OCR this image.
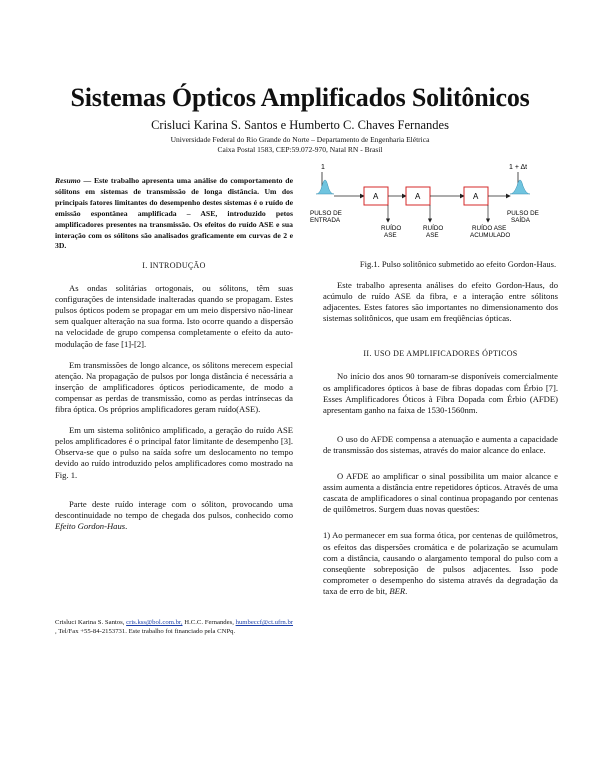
Sistemas Ópticos Amplificados Solitônicos
Crisluci Karina S. Santos e Humberto C. Chaves Fernandes
Universidade Federal do Rio Grande do Norte – Departamento de Engenharia Elétrica
Caixa Postal 1583, CEP:59.072-970, Natal RN - Brasil
Resumo — Este trabalho apresenta uma análise do comportamento de sólitons em sistemas de transmissão de longa distância. Um dos principais fatores limitantes do desempenho destes sistemas é o ruído de emissão espontânea amplificada – ASE, introduzido petos amplificadores presentes na transmissão. Os efeitos do ruído ASE e sua interação com os sólitons são analisados graficamente em curvas de 2 e 3D.
I. INTRODUÇÃO

As ondas solitárias ortogonais, ou sólitons, têm suas configurações de intensidade inalteradas quando se propagam. Estes pulsos ópticos podem se propagar em um meio dispersivo não-linear sem qualquer alteração na sua forma. Isto ocorre quando a dispersão na velocidade de grupo compensa completamente o efeito da auto-modulação de fase [1]-[2].

Em transmissões de longo alcance, os sólitons merecem especial atenção. Na propagação de pulsos por longa distância é necessária a inserção de amplificadores ópticos periodicamente, de modo a compensar as perdas de transmissão, como as perdas intrínsecas da fibra óptica. Os próprios amplificadores geram ruído(ASE).

Em um sistema solitônico amplificado, a geração do ruído ASE pelos amplificadores é o principal fator limitante de desempenho [3]. Observa-se que o pulso na saída sofre um deslocamento no tempo devido ao ruído introduzido pelos amplificadores como mostrado na Fig. 1.

Parte deste ruído interage com o sóliton, provocando uma descontinuidade no tempo de chegada dos pulsos, conhecido como Efeito Gordon-Haus.

Crisluci Karina S. Santos, cris.kss@bol.com.br, H.C.C. Fernandes, humbeccf@ct.ufrn.br , Tel/Fax +55-84-2153731. Este trabalho foi financiado pela CNPq.
1	1 + Δt
A	A	A
PULSO DE
ENTRADA
PULSO DE
SAÍDA
RUÍDO
ASE
RUÍDO
ASE
RUÍDO ASE
ACUMULADO
Fig.1. Pulso solitônico submetido ao efeito Gordon-Haus.

Este trabalho apresenta análises do efeito Gordon-Haus, do acúmulo de ruído ASE da fibra, e a interação entre sólitons adjacentes. Estes fatores são importantes no dimensionamento dos sistemas solitônicos, que usam em freqüências ópticas.

II. USO DE AMPLIFICADORES ÓPTICOS

No início dos anos 90 tornaram-se disponíveis comercialmente os amplificadores ópticos à base de fibras dopadas com Érbio [7]. Esses Amplificadores Óticos à Fibra Dopada com Érbio (AFDE) apresentam ganho na faixa de 1530-1560nm.

O uso do AFDE compensa a atenuação e aumenta a capacidade de transmissão dos sistemas, através do maior alcance do enlace.

O AFDE ao amplificar o sinal possibilita um maior alcance e assim aumenta a distância entre repetidores ópticos. Através de uma cascata de amplificadores o sinal continua propagando por centenas de quilômetros. Surgem duas novas questões:

1) Ao permanecer em sua forma ótica, por centenas de quilômetros, os efeitos das dispersões cromática e de polarização se acumulam com a distância, causando o alargamento temporal do pulso com a conseqüente sobreposição de pulsos adjacentes. Isso pode comprometer o desempenho do sistema através da degradação da taxa de erro de bit, BER.
